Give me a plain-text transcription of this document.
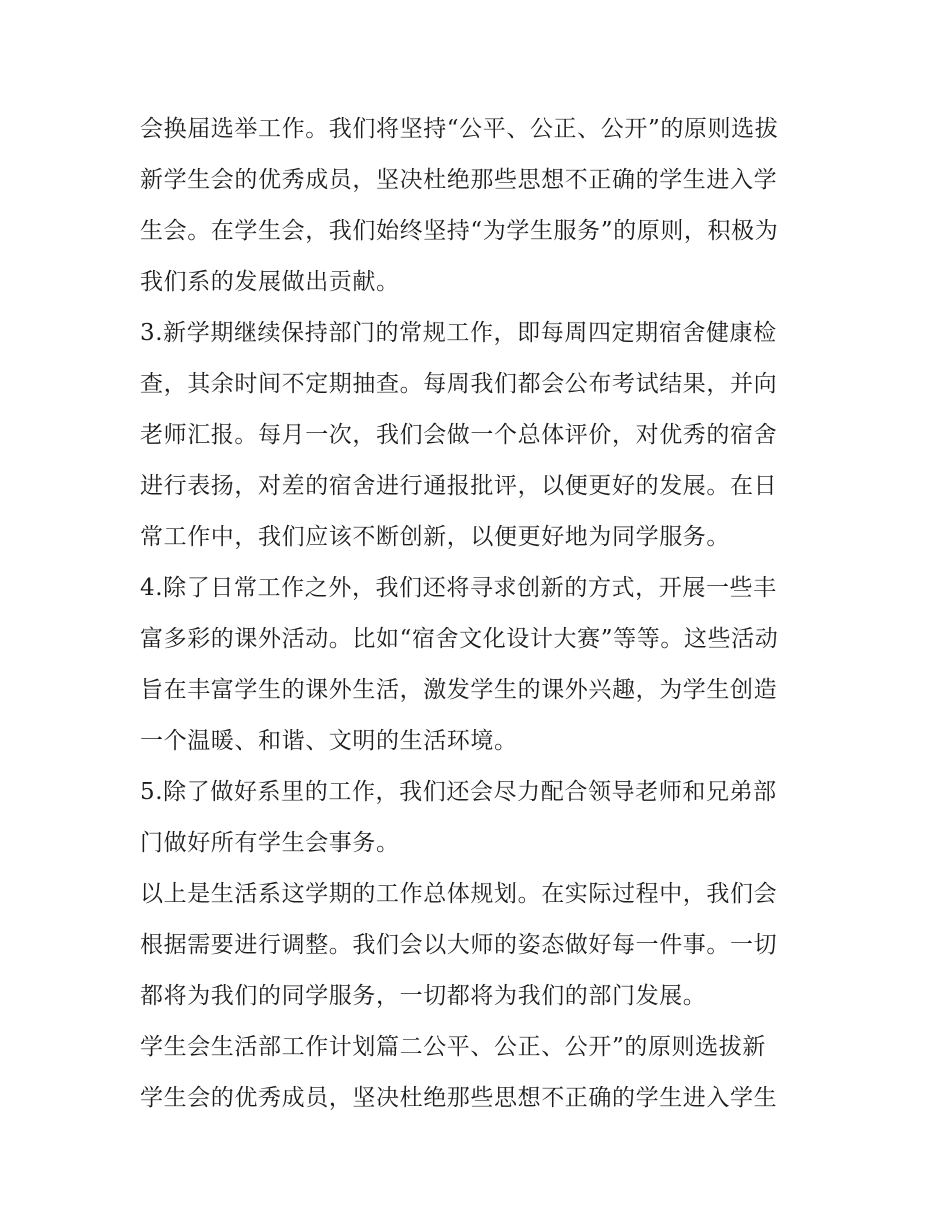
会换届选举工作。我们将坚持“公平、公正、公开”的原则选拔

新学生会的优秀成员，坚决杜绝那些思想不正确的学生进入学

生会。在学生会，我们始终坚持“为学生服务”的原则，积极为

我们系的发展做出贡献。

3.新学期继续保持部门的常规工作，即每周四定期宿舍健康检

查，其余时间不定期抽查。每周我们都会公布考试结果，并向

老师汇报。每月一次，我们会做一个总体评价，对优秀的宿舍

进行表扬，对差的宿舍进行通报批评，以便更好的发展。在日

常工作中，我们应该不断创新，以便更好地为同学服务。

4.除了日常工作之外，我们还将寻求创新的方式，开展一些丰

富多彩的课外活动。比如“宿舍文化设计大赛”等等。这些活动

旨在丰富学生的课外生活，激发学生的课外兴趣，为学生创造

一个温暖、和谐、文明的生活环境。

5.除了做好系里的工作，我们还会尽力配合领导老师和兄弟部

门做好所有学生会事务。

以上是生活系这学期的工作总体规划。在实际过程中，我们会

根据需要进行调整。我们会以大师的姿态做好每一件事。一切

都将为我们的同学服务，一切都将为我们的部门发展。

学生会生活部工作计划篇二公平、公正、公开”的原则选拔新

学生会的优秀成员，坚决杜绝那些思想不正确的学生进入学生
